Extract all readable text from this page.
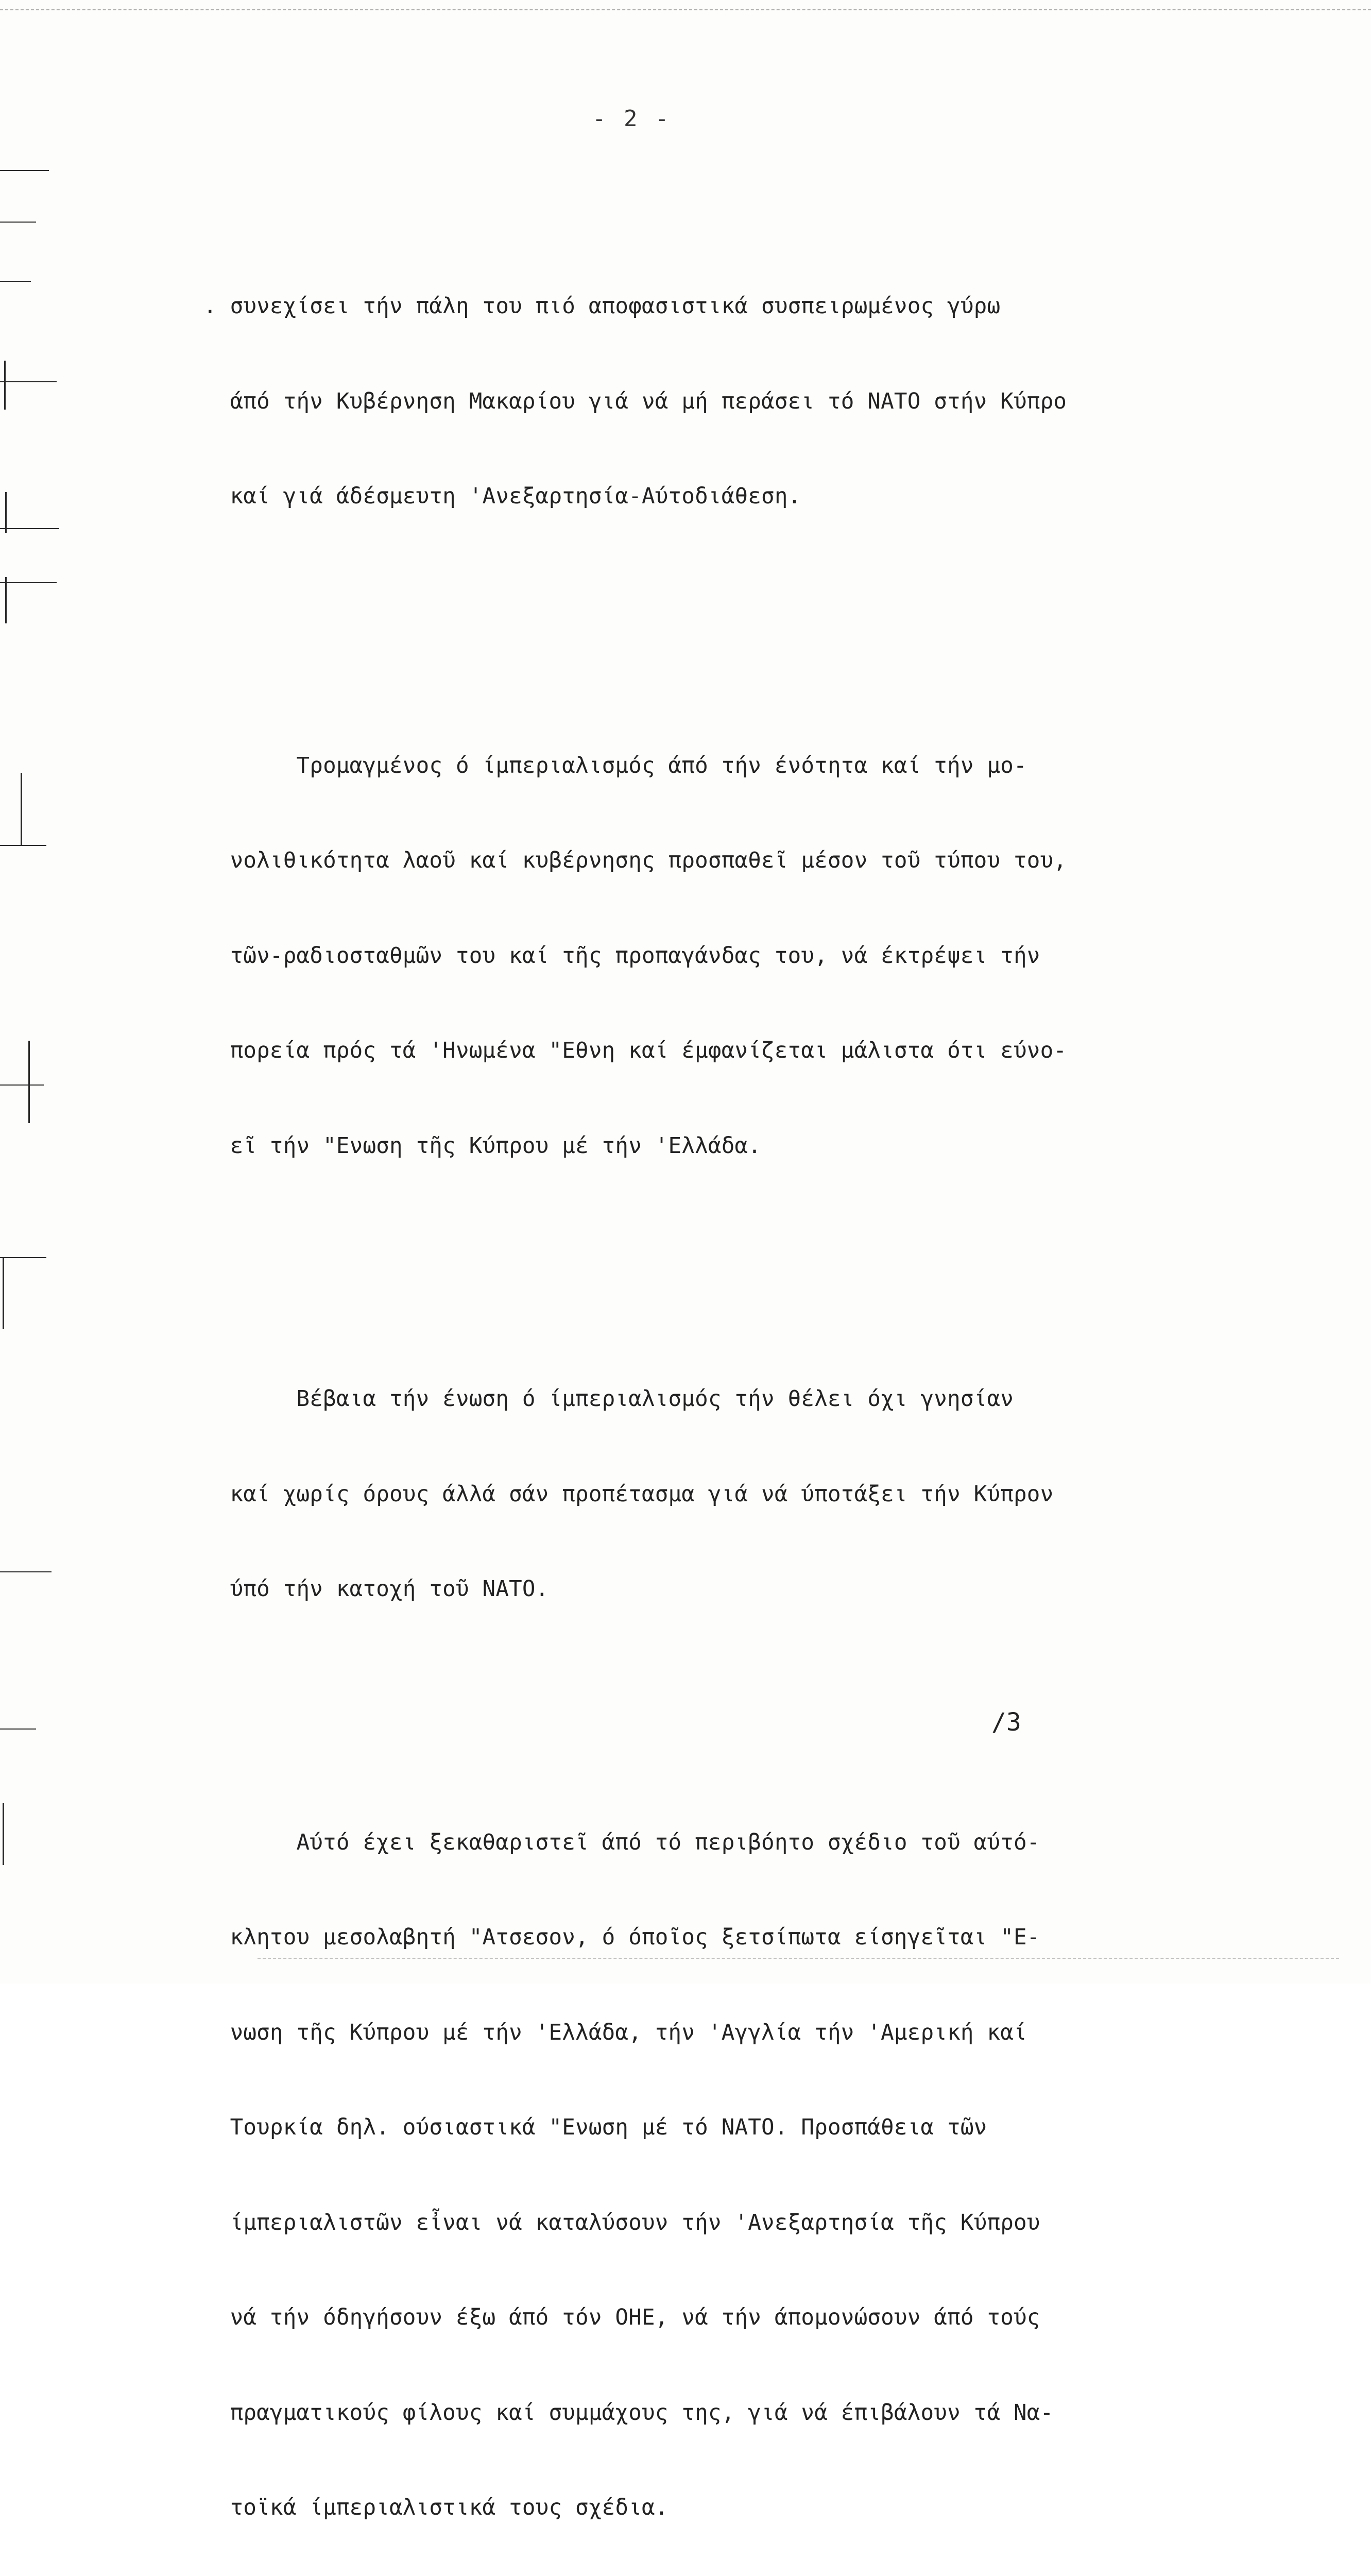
- 2 -

. συνεχίσει τήν πάλη του πιό αποφασιστικά συσπειρωμένος γύρω

άπό τήν Κυβέρνηση Μακαρίου γιά νά μή περάσει τό ΝΑΤΟ στήν Κύπρο

καί γιά άδέσμευτη 'Ανεξαρτησία-Αύτοδιάθεση.

Τρομαγμένος ό ίμπεριαλισμός άπό τήν ένότητα καί τήν μο-

νολιθικότητα λαοῦ καί κυβέρνησης προσπαθεῖ μέσον τοῦ τύπου του,

τῶν-ραδιοσταθμῶν του καί τῆς προπαγάνδας του, νά έκτρέψει τήν

πορεία πρός τά 'Ηνωμένα "Εθνη καί έμφανίζεται μάλιστα ότι εύνο-

εῖ τήν "Ενωση τῆς Κύπρου μέ τήν 'Ελλάδα.

Βέβαια τήν ένωση ό ίμπεριαλισμός τήν θέλει όχι γνησίαν

καί χωρίς όρους άλλά σάν προπέτασμα γιά νά ύποτάξει τήν Κύπρον

ύπό τήν κατοχή τοῦ ΝΑΤΟ.

Αύτό έχει ξεκαθαριστεῖ άπό τό περιβόητο σχέδιο τοῦ αύτό-

κλητου μεσολαβητή "Ατσεσον, ό όποῖος ξετσίπωτα είσηγεῖται "Ε-

νωση τῆς Κύπρου μέ τήν 'Ελλάδα, τήν 'Αγγλία τήν 'Αμερική καί

Τουρκία δηλ. ούσιαστικά "Ενωση μέ τό ΝΑΤΟ. Προσπάθεια τῶν

ίμπεριαλιστῶν εἶναι νά καταλύσουν τήν 'Ανεξαρτησία τῆς Κύπρου

νά τήν όδηγήσουν έξω άπό τόν ΟΗΕ, νά τήν άπομονώσουν άπό τούς

πραγματικούς φίλους καί συμμάχους της, γιά νά έπιβάλουν τά Να-

τοϊκά ίμπεριαλιστικά τους σχέδια.

/3
